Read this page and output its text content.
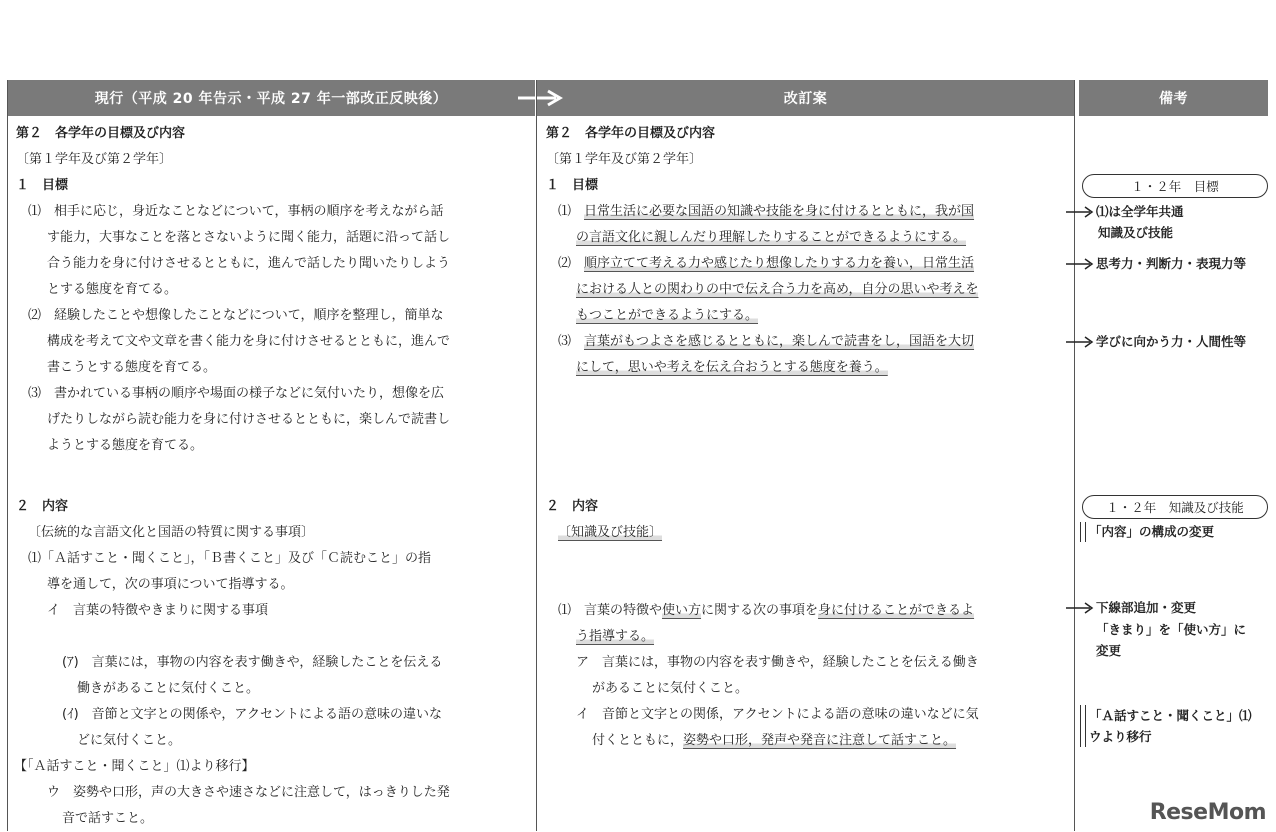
現行（平成 20 年告示・平成 27 年一部改正反映後）	改訂案	備考
第２　各学年の目標及び内容
〔第１学年及び第２学年〕
１　目標
⑴　相手に応じ，身近なことなどについて，事柄の順序を考えながら話
す能力，大事なことを落とさないように聞く能力，話題に沿って話し
合う能力を身に付けさせるとともに，進んで話したり聞いたりしよう
とする態度を育てる。
⑵　経験したことや想像したことなどについて，順序を整理し，簡単な
構成を考えて文や文章を書く能力を身に付けさせるとともに，進んで
書こうとする態度を育てる。
⑶　書かれている事柄の順序や場面の様子などに気付いたり，想像を広
げたりしながら読む能力を身に付けさせるとともに，楽しんで読書し
ようとする態度を育てる。
２　内容
〔伝統的な言語文化と国語の特質に関する事項〕
⑴「Ａ話すこと・聞くこと」，「Ｂ書くこと」及び「Ｃ読むこと」の指
導を通して，次の事項について指導する。
イ　言葉の特徴やきまりに関する事項
(ｱ)　言葉には，事物の内容を表す働きや，経験したことを伝える
働きがあることに気付くこと。
(ｲ)　音節と文字との関係や，アクセントによる語の意味の違いな
どに気付くこと。
【「Ａ話すこと・聞くこと」⑴より移行】
ウ　姿勢や口形，声の大きさや速さなどに注意して，はっきりした発
音で話すこと。
第２　各学年の目標及び内容
〔第１学年及び第２学年〕
１　目標
⑴　日常生活に必要な国語の知識や技能を身に付けるとともに，我が国
の言語文化に親しんだり理解したりすることができるようにする。
⑵　順序立てて考える力や感じたり想像したりする力を養い，日常生活
における人との関わりの中で伝え合う力を高め，自分の思いや考えを
もつことができるようにする。
⑶　言葉がもつよさを感じるとともに，楽しんで読書をし，国語を大切
にして，思いや考えを伝え合おうとする態度を養う。
２　内容
〔知識及び技能〕
⑴　言葉の特徴や使い方に関する次の事項を身に付けることができるよ
う指導する。
ア　言葉には，事物の内容を表す働きや，経験したことを伝える働き
があることに気付くこと。
イ　音節と文字との関係，アクセントによる語の意味の違いなどに気
付くとともに，姿勢や口形，発声や発音に注意して話すこと。
１・２年　目標
⑴は全学年共通
知識及び技能
思考力・判断力・表現力等
学びに向かう力・人間性等
１・２年　知識及び技能
「内容」の構成の変更
下線部追加・変更
「きまり」を「使い方」に
変更
「Ａ話すこと・聞くこと」⑴
ウより移行
ReseMom
